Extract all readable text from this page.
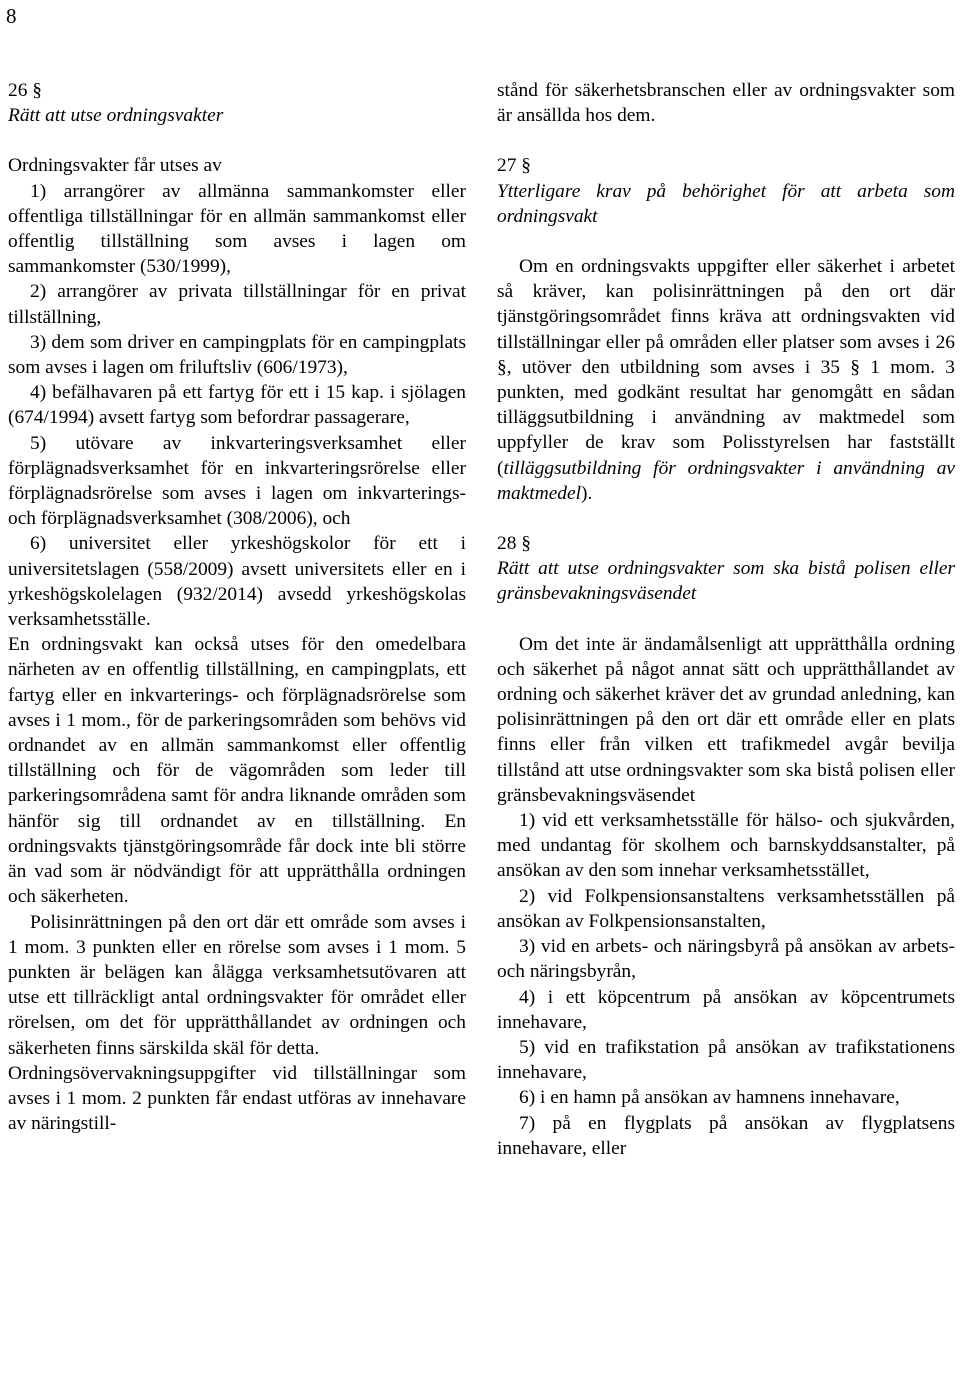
8

26 §

Rätt att utse ordningsvakter

Ordningsvakter får utses av

1) arrangörer av allmänna sammankomster eller offentliga tillställningar för en allmän sammankomst eller offentlig tillställning som avses i lagen om sammankomster (530/1999),

2) arrangörer av privata tillställningar för en privat tillställning,

3) dem som driver en campingplats för en campingplats som avses i lagen om friluftsliv (606/1973),

4) befälhavaren på ett fartyg för ett i 15 kap. i sjölagen (674/1994) avsett fartyg som befordrar passagerare,

5) utövare av inkvarteringsverksamhet eller förplägnadsverksamhet för en inkvarteringsrörelse eller förplägnadsrörelse som avses i lagen om inkvarterings- och förplägnadsverksamhet (308/2006), och

6) universitet eller yrkeshögskolor för ett i universitetslagen (558/2009) avsett universitets eller en i yrkeshögskolelagen (932/2014) avsedd yrkeshögskolas verksamhetsställe.

En ordningsvakt kan också utses för den omedelbara närheten av en offentlig tillställning, en campingplats, ett fartyg eller en inkvarterings- och förplägnadsrörelse som avses i 1 mom., för de parkeringsområden som behövs vid ordnandet av en allmän sammankomst eller offentlig tillställning och för de vägområden som leder till parkeringsområdena samt för andra liknande områden som hänför sig till ordnandet av en tillställning. En ordningsvakts tjänstgöringsområde får dock inte bli större än vad som är nödvändigt för att upprätthålla ordningen och säkerheten.

Polisinrättningen på den ort där ett område som avses i 1 mom. 3 punkten eller en rörelse som avses i 1 mom. 5 punkten är belägen kan ålägga verksamhetsutövaren att utse ett tillräckligt antal ordningsvakter för området eller rörelsen, om det för upprätthållandet av ordningen och säkerheten finns särskilda skäl för detta.

Ordningsövervakningsuppgifter vid tillställningar som avses i 1 mom. 2 punkten får endast utföras av innehavare av näringstill-

stånd för säkerhetsbranschen eller av ordningsvakter som är ansällda hos dem.

27 §

Ytterligare krav på behörighet för att arbeta som ordningsvakt

Om en ordningsvakts uppgifter eller säkerhet i arbetet så kräver, kan polisinrättningen på den ort där tjänstgöringsområdet finns kräva att ordningsvakten vid tillställningar eller på områden eller platser som avses i 26 §, utöver den utbildning som avses i 35 § 1 mom. 3 punkten, med godkänt resultat har genomgått en sådan tilläggsutbildning i användning av maktmedel som uppfyller de krav som Polisstyrelsen har fastställt (tilläggsutbildning för ordningsvakter i användning av maktmedel).

28 §

Rätt att utse ordningsvakter som ska bistå polisen eller gränsbevakningsväsendet

Om det inte är ändamålsenligt att upprätthålla ordning och säkerhet på något annat sätt och upprätthållandet av ordning och säkerhet kräver det av grundad anledning, kan polisinrättningen på den ort där ett område eller en plats finns eller från vilken ett trafikmedel avgår bevilja tillstånd att utse ordningsvakter som ska bistå polisen eller gränsbevakningsväsendet

1) vid ett verksamhetsställe för hälso- och sjukvården, med undantag för skolhem och barnskyddsanstalter, på ansökan av den som innehar verksamhetsstället,

2) vid Folkpensionsanstaltens verksamhetsställen på ansökan av Folkpensionsanstalten,

3) vid en arbets- och näringsbyrå på ansökan av arbets- och näringsbyrån,

4) i ett köpcentrum på ansökan av köpcentrumets innehavare,

5) vid en trafikstation på ansökan av trafikstationens innehavare,

6) i en hamn på ansökan av hamnens innehavare,

7) på en flygplats på ansökan av flygplatsens innehavare, eller
